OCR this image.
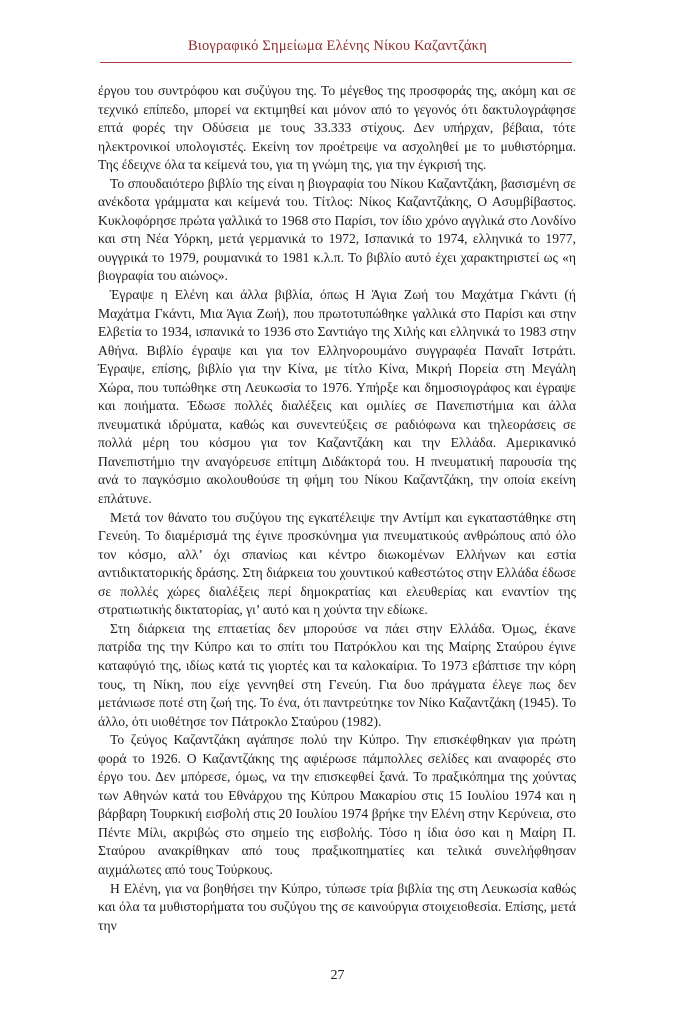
Βιογραφικό Σημείωμα Ελένης Νίκου Καζαντζάκη

έργου του συντρόφου και συζύγου της. Το μέγεθος της προσφοράς της, ακόμη και σε τεχνικό επίπεδο, μπορεί να εκτιμηθεί και μόνον από το γεγονός ότι δακτυλογράφησε επτά φορές την Οδύσεια με τους 33.333 στίχους. Δεν υπήρχαν, βέβαια, τότε ηλεκτρονικοί υπολογιστές. Εκείνη τον προέτρεψε να ασχοληθεί με το μυθιστόρημα. Της έδειχνε όλα τα κείμενά του, για τη γνώμη της, για την έγκρισή της.

Το σπουδαιότερο βιβλίο της είναι η βιογραφία του Νίκου Καζαντζάκη, βασισμένη σε ανέκδοτα γράμματα και κείμενά του. Τίτλος: Νίκος Καζαντζάκης, Ο Ασυμβίβαστος. Κυκλοφόρησε πρώτα γαλλικά το 1968 στο Παρίσι, τον ίδιο χρόνο αγγλικά στο Λονδίνο και στη Νέα Υόρκη, μετά γερμανικά το 1972, Ισπανικά το 1974, ελληνικά το 1977, ουγγρικά το 1979, ρουμανικά το 1981 κ.λ.π. Το βιβλίο αυτό έχει χαρακτηριστεί ως «η βιογραφία του αιώνος».

Έγραψε η Ελένη και άλλα βιβλία, όπως Η Άγια Ζωή του Μαχάτμα Γκάντι (ή Μαχάτμα Γκάντι, Μια Άγια Ζωή), που πρωτοτυπώθηκε γαλλικά στο Παρίσι και στην Ελβετία το 1934, ισπανικά το 1936 στο Σαντιάγο της Χιλής και ελληνικά το 1983 στην Αθήνα. Βιβλίο έγραψε και για τον Ελληνορουμάνο συγγραφέα Παναΐτ Ιστράτι. Έγραψε, επίσης, βιβλίο για την Κίνα, με τίτλο Κίνα, Μικρή Πορεία στη Μεγάλη Χώρα, που τυπώθηκε στη Λευκωσία το 1976. Υπήρξε και δημοσιογράφος και έγραψε και ποιήματα. Έδωσε πολλές διαλέξεις και ομιλίες σε Πανεπιστήμια και άλλα πνευματικά ιδρύματα, καθώς και συνεντεύξεις σε ραδιόφωνα και τηλεοράσεις σε πολλά μέρη του κόσμου για τον Καζαντζάκη και την Ελλάδα. Αμερικανικό Πανεπιστήμιο την αναγόρευσε επίτιμη Διδάκτορά του. Η πνευματική παρουσία της ανά το παγκόσμιο ακολουθούσε τη φήμη του Νίκου Καζαντζάκη, την οποία εκείνη επλάτυνε.

Μετά τον θάνατο του συζύγου της εγκατέλειψε την Αντίμπ και εγκαταστάθηκε στη Γενεύη. Το διαμέρισμά της έγινε προσκύνημα για πνευματικούς ανθρώπους από όλο τον κόσμο, αλλ’ όχι σπανίως και κέντρο διωκομένων Ελλήνων και εστία αντιδικτατορικής δράσης. Στη διάρκεια του χουντικού καθεστώτος στην Ελλάδα έδωσε σε πολλές χώρες διαλέξεις περί δημοκρατίας και ελευθερίας και εναντίον της στρατιωτικής δικτατορίας, γι’ αυτό και η χούντα την εδίωκε.

Στη διάρκεια της επταετίας δεν μπορούσε να πάει στην Ελλάδα. Όμως, έκανε πατρίδα της την Κύπρο και το σπίτι του Πατρόκλου και της Μαίρης Σταύρου έγινε καταφύγιό της, ιδίως κατά τις γιορτές και τα καλοκαίρια. Το 1973 εβάπτισε την κόρη τους, τη Νίκη, που είχε γεννηθεί στη Γενεύη. Για δυο πράγματα έλεγε πως δεν μετάνιωσε ποτέ στη ζωή της. Το ένα, ότι παντρεύτηκε τον Νίκο Καζαντζάκη (1945). Το άλλο, ότι υιοθέτησε τον Πάτροκλο Σταύρου (1982).

Το ζεύγος Καζαντζάκη αγάπησε πολύ την Κύπρο. Την επισκέφθηκαν για πρώτη φορά το 1926. Ο Καζαντζάκης της αφιέρωσε πάμπολλες σελίδες και αναφορές στο έργο του. Δεν μπόρεσε, όμως, να την επισκεφθεί ξανά. Το πραξικόπημα της χούντας των Αθηνών κατά του Εθνάρχου της Κύπρου Μακαρίου στις 15 Ιουλίου 1974 και η βάρβαρη Τουρκική εισβολή στις 20 Ιουλίου 1974 βρήκε την Ελένη στην Κερύνεια, στο Πέντε Μίλι, ακριβώς στο σημείο της εισβολής. Τόσο η ίδια όσο και η Μαίρη Π. Σταύρου ανακρίθηκαν από τους πραξικοπηματίες και τελικά συνελήφθησαν αιχμάλωτες από τους Τούρκους.

Η Ελένη, για να βοηθήσει την Κύπρο, τύπωσε τρία βιβλία της στη Λευκωσία καθώς και όλα τα μυθιστορήματα του συζύγου της σε καινούργια στοιχειοθεσία. Επίσης, μετά την

27
